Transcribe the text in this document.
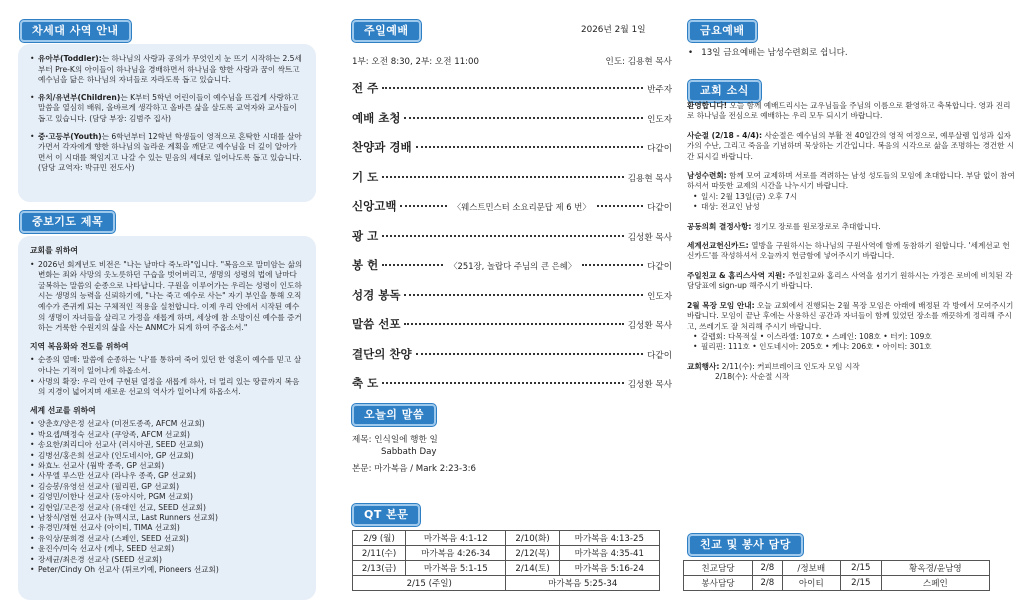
차세대 사역 안내
• 유아부(Toddler):는 하나님의 사랑과 공의가 무엇인지 눈 뜨기 시작하는 2.5세부터 Pre-K의 아이들이 하나님을 경배하면서 하나님을 향한 사랑과 꿈이 싹트고 예수님을 닮은 하나님의 자녀들로 자라도록 돕고 있습니다.
• 유치/유년부(Children)는 K부터 5학년 어린이들이 예수님을 뜨겁게 사랑하고 말씀을 열심히 배워, 올바르게 생각하고 올바른 삶을 살도록 교역자와 교사들이 돕고 있습니다. (담당 부장: 김범주 집사)
• 중·고등부(Youth)는 6학년부터 12학년 학생들이 영적으로 혼탁한 시대를 살아가면서 각자에게 향한 하나님의 놀라운 계획을 깨닫고 예수님을 더 깊이 알아가면서 이 시대를 책임지고 나갈 수 있는 믿음의 세대로 일어나도록 돕고 있습니다. (담당 교역자: 박규민 전도사)
중보기도 제목
교회를 위하여
• 2026년 회계년도 비전은 "나는 날마다 죽노라"입니다. "복음으로 말미암는 삶의 변화는 죄와 사망의 옷노릇하던 구습을 벗어버리고, 생명의 성령의 법에 날마다 굴복하는 말씀의 순종으로 나타납니다. 구원을 이루어가는 우리는 성령이 인도하시는 생명의 능력을 신뢰하기에, "나는 죽고 예수로 사는" 자기 부인을 통해 오직 예수가 존귀케 되는 구체적인 적용을 실천합니다. 이제 우리 안에서 시작된 예수의 생명이 자녀들을 살리고 가정을 새롭게 하며, 세상에 참 소망이신 예수를 증거하는 거룩한 수원지의 삶을 사는 ANMC가 되게 하여 주옵소서."
지역 복음화와 전도를 위하여
• 순종의 열매: 말씀에 순종하는 '나'를 통하여 죽어 있던 한 영혼이 예수를 믿고 살아나는 기적이 일어나게 하옵소서.
• 사명의 확장: 우리 안에 구현된 열정을 새롭게 하사, 더 멀리 있는 땅끝까지 복음의 지경이 넓어지며 새로운 선교의 역사가 일어나게 하옵소서.
세계 선교를 위하여
• 양춘호/양은정 선교사 (미전도종족, AFCM 선교회)
• 박요셉/백정숙 선교사 (쿠앙족, AFCM 선교회)
• 송요한/최리디아 선교사 (러시아권, SEED 선교회)
• 김병선/홍은희 선교사 (인도네시아, GP 선교회)
• 와효노 선교사 (웜박 종족, GP 선교회)
• 사무엘 루스만 선교사 (라나우 종족, GP 선교회)
• 김승봉/유영선 선교사 (필리핀, GP 선교회)
• 김영민/이한나 선교사 (동아시아, PGM 선교회)
• 김현일/고은정 선교사 (유대인 선교, SEED 선교회)
• 남창식/염현 선교사 (뉴멕시코, Last Runners 선교회)
• 유경민/채현 선교사 (아이티, TIMA 선교회)
• 유익상/문희경 선교사 (스페인, SEED 선교회)
• 윤진수/미숙 선교사 (케냐, SEED 선교회)
• 장세균/최은경 선교사 (SEED 선교회)
• Peter/Cindy Oh 선교사 (튀르키예, Pioneers 선교회)
주일예배	2026년 2월 1일
1부: 오전 8:30, 2부: 오전 11:00	인도: 김용현 목사
전 주	반주자
예배 초청	인도자
찬양과 경배	다같이
기 도	김용현 목사
신앙고백	〈웨스트민스터 소요리문답 제 6 번〉	다같이
광 고	김성환 목사
봉 헌	〈251장, 놀랍다 주님의 큰 은혜〉	다같이
성경 봉독	인도자
말씀 선포	김성환 목사
결단의 찬양	다같이
축 도	김성환 목사
오늘의 말씀
제목: 인식일에 행한 일
Sabbath Day
본문: 마가복음 / Mark 2:23-3:6
QT 본문
2/9 (월)	마가복음 4:1-12	2/10(화)	마가복음 4:13-25
2/11(수)	마가복음 4:26-34	2/12(목)	마가복음 4:35-41
2/13(금)	마가복음 5:1-15	2/14(토)	마가복음 5:16-24
2/15 (주일)		마가복음 5:25-34	
금요예배
•   13일 금요예배는 남성수련회로 쉽니다.
교회 소식
환영합니다! 오늘 함께 예배드리시는 교우님들을 주님의 이름으로 환영하고 축복합니다. 영과 진리로 하나님을 전심으로 예배하는 우리 모두 되시기 바랍니다.
사순절 (2/18 - 4/4): 사순절은 예수님의 부활 전 40일간의 영적 여정으로, 예루살렘 입성과 십자가의 수난, 그리고 죽음을 기념하며 묵상하는 기간입니다. 복음의 시각으로 삶을 조명하는 경건한 시간 되시길 바랍니다.
남성수련회: 함께 모여 교제하며 서로를 격려하는 남성 성도들의 모임에 초대합니다. 부담 없이 참여하셔서 따뜻한 교제의 시간을 나누시기 바랍니다.
• 일시: 2월 13일(금) 오후 7시
• 대상: 전교인 남성
공동의회 결정사항: 정기모 장로를 원로장로로 추대합니다.
세계선교헌신카드: 열방을 구원하시는 하나님의 구원사역에 함께 동참하기 원합니다. '세계선교 헌신카드'를 작성하셔서 오늘까지 헌금함에 넣어주시기 바랍니다.
주일친교 & 홈리스사역 지원: 주일친교와 홈리스 사역을 섬기기 원하시는 가정은 로비에 비치된 각 담당표에 sign-up 해주시기 바랍니다.
2월 목장 모임 안내: 오늘 교회에서 진행되는 2월 목장 모임은 아래에 배정된 각 방에서 모여주시기 바랍니다. 모임이 끝난 후에는 사용하신 공간과 자녀들이 함께 있었던 장소를 깨끗하게 정리해 주시고, 쓰레기도 잘 처리해 주시기 바랍니다.
• 갈렙회: 다목적실 • 이스라엘: 107호 • 스페인: 108호 • 터키: 109호
• 필리핀: 111호 • 인도네시아: 205호 • 케냐: 206호 • 아이티: 301호
교회행사: 2/11(수): 커피브레이크 인도자 모임 시작
2/18(수): 사순절 시작
친교 및 봉사 담당
친교담당	2/8	/정보배	2/15	황옥경/윤남영
봉사담당	2/8	아이티	2/15	스페인
